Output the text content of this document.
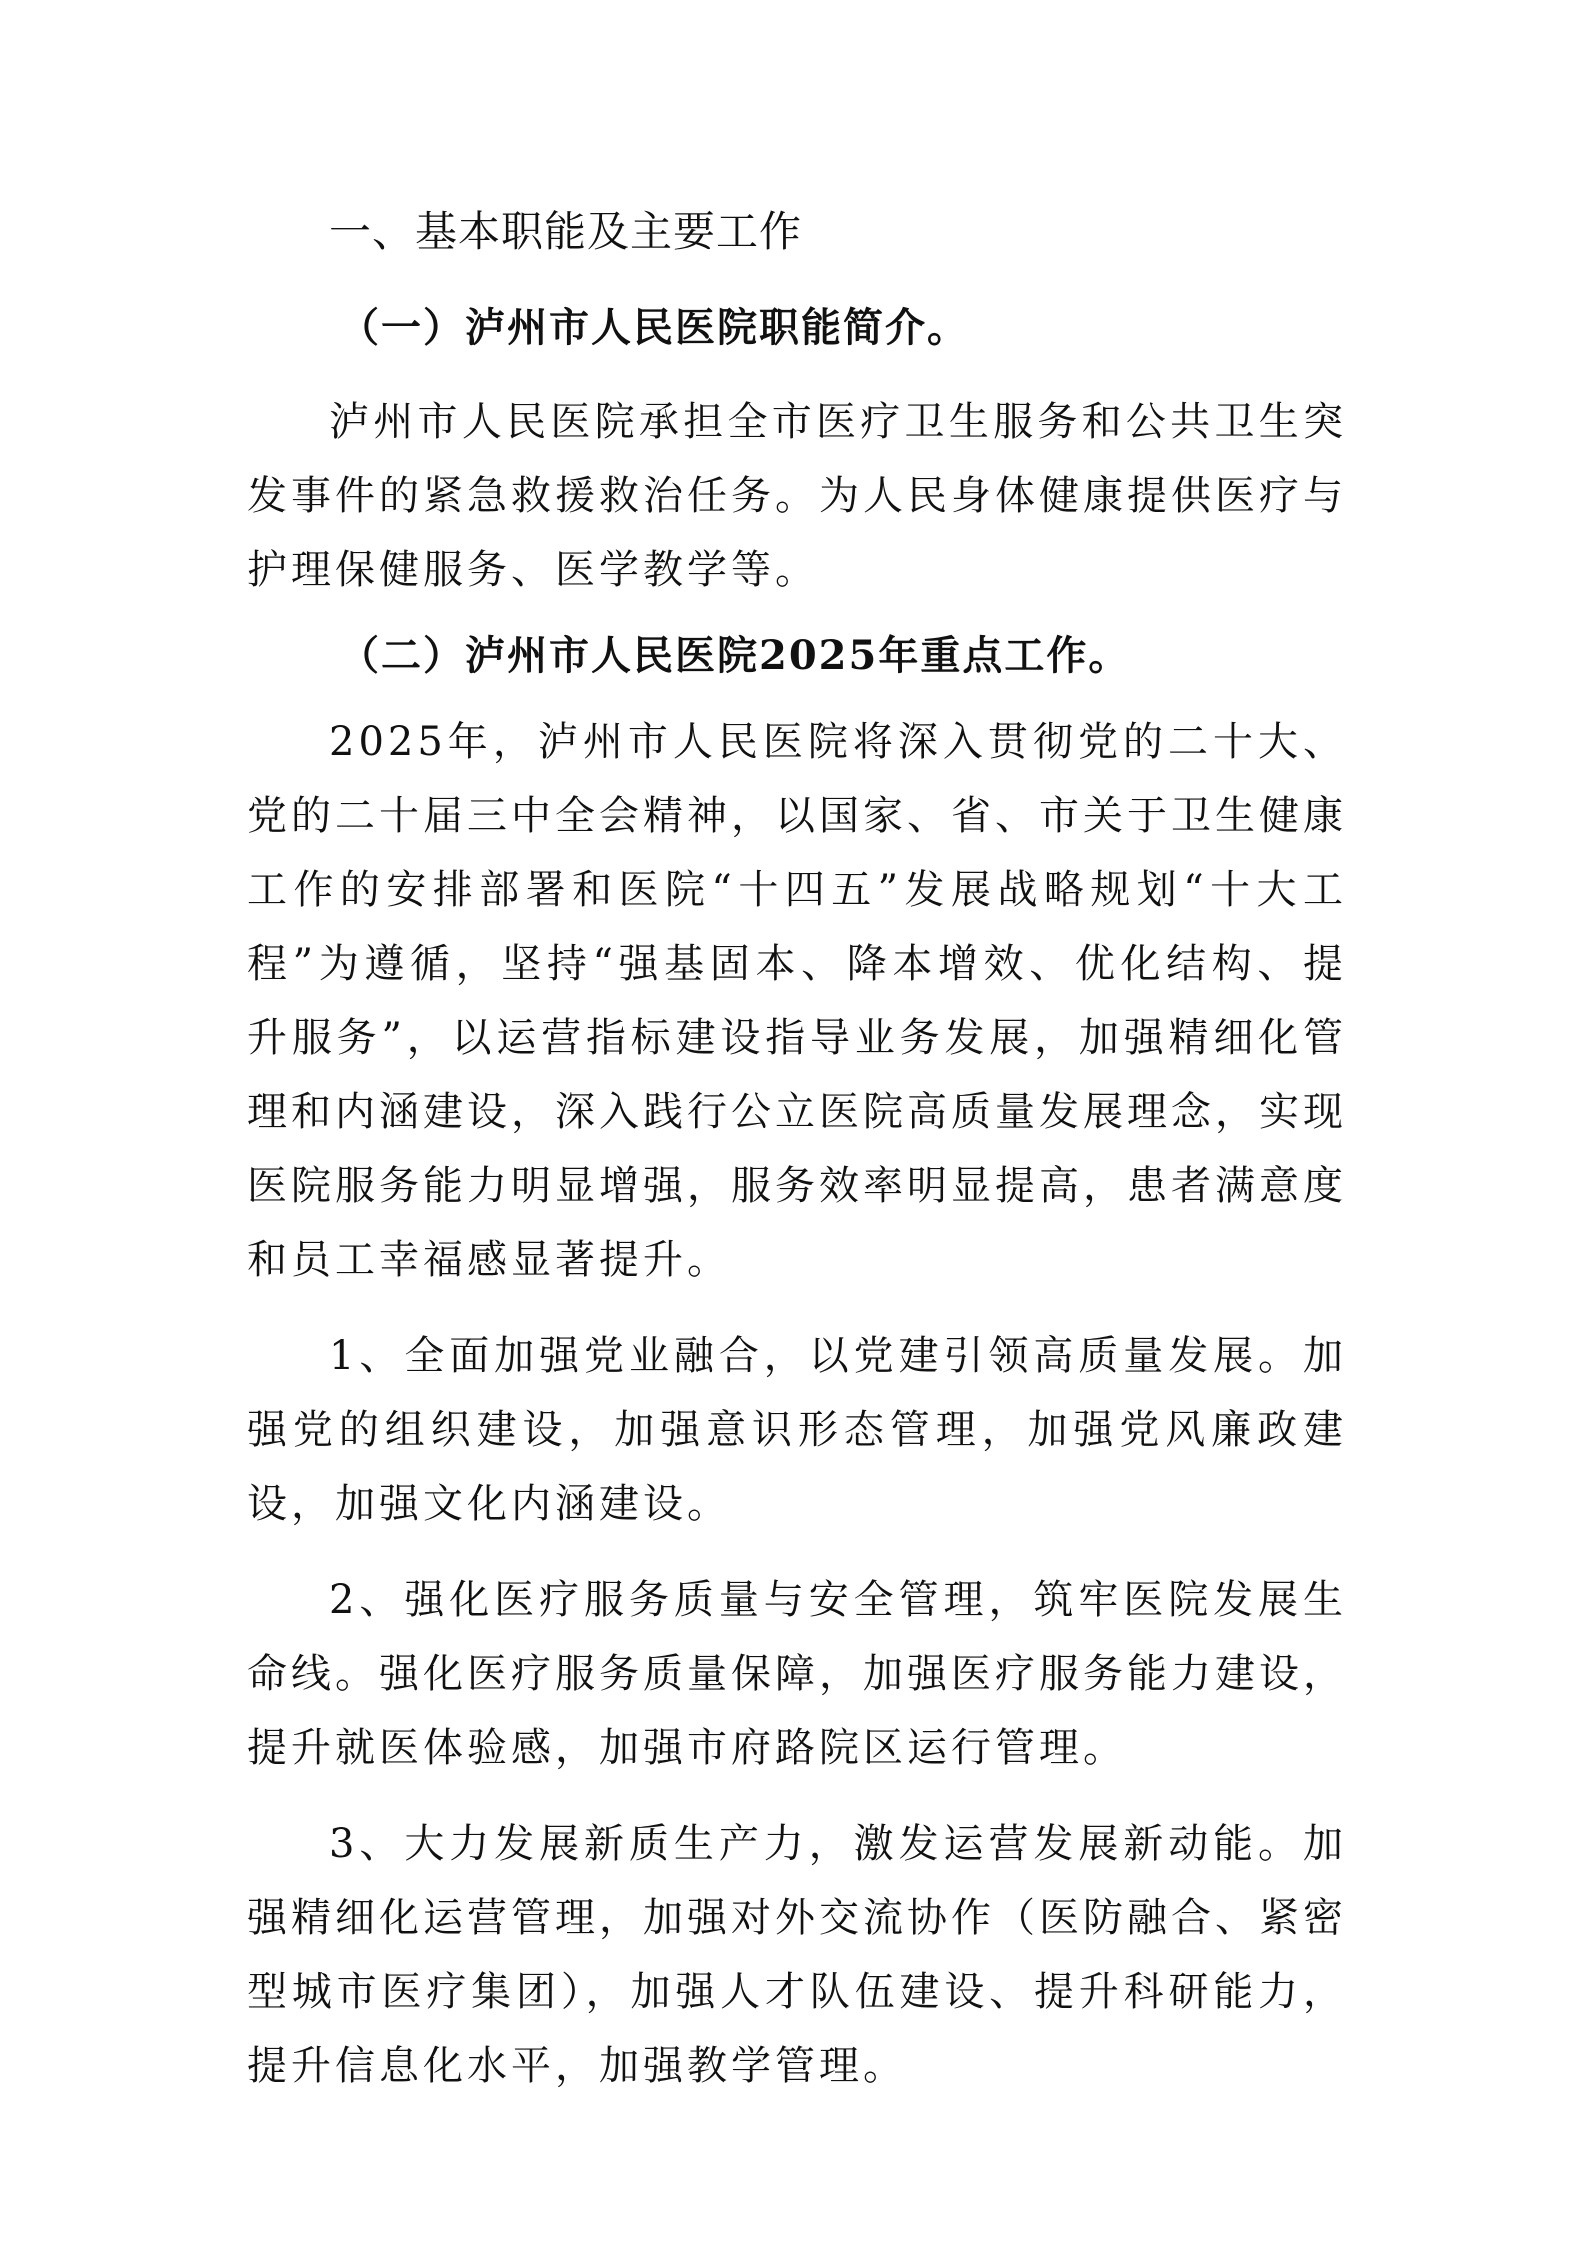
一、基本职能及主要工作
（一）泸州市人民医院职能简介。

泸州市人民医院承担全市医疗卫生服务和公共卫生突发事件的紧急救援救治任务。为人民身体健康提供医疗与护理保健服务、医学教学等。

（二）泸州市人民医院2025年重点工作。

2025年，泸州市人民医院将深入贯彻党的二十大、党的二十届三中全会精神，以国家、省、市关于卫生健康工作的安排部署和医院“十四五”发展战略规划“十大工程”为遵循，坚持“强基固本、降本增效、优化结构、提升服务”，以运营指标建设指导业务发展，加强精细化管理和内涵建设，深入践行公立医院高质量发展理念，实现医院服务能力明显增强，服务效率明显提高，患者满意度和员工幸福感显著提升。

1、全面加强党业融合，以党建引领高质量发展。加强党的组织建设，加强意识形态管理，加强党风廉政建设，加强文化内涵建设。

2、强化医疗服务质量与安全管理，筑牢医院发展生命线。强化医疗服务质量保障，加强医疗服务能力建设，提升就医体验感，加强市府路院区运行管理。

3、大力发展新质生产力，激发运营发展新动能。加强精细化运营管理，加强对外交流协作（医防融合、紧密型城市医疗集团），加强人才队伍建设、提升科研能力，提升信息化水平，加强教学管理。
